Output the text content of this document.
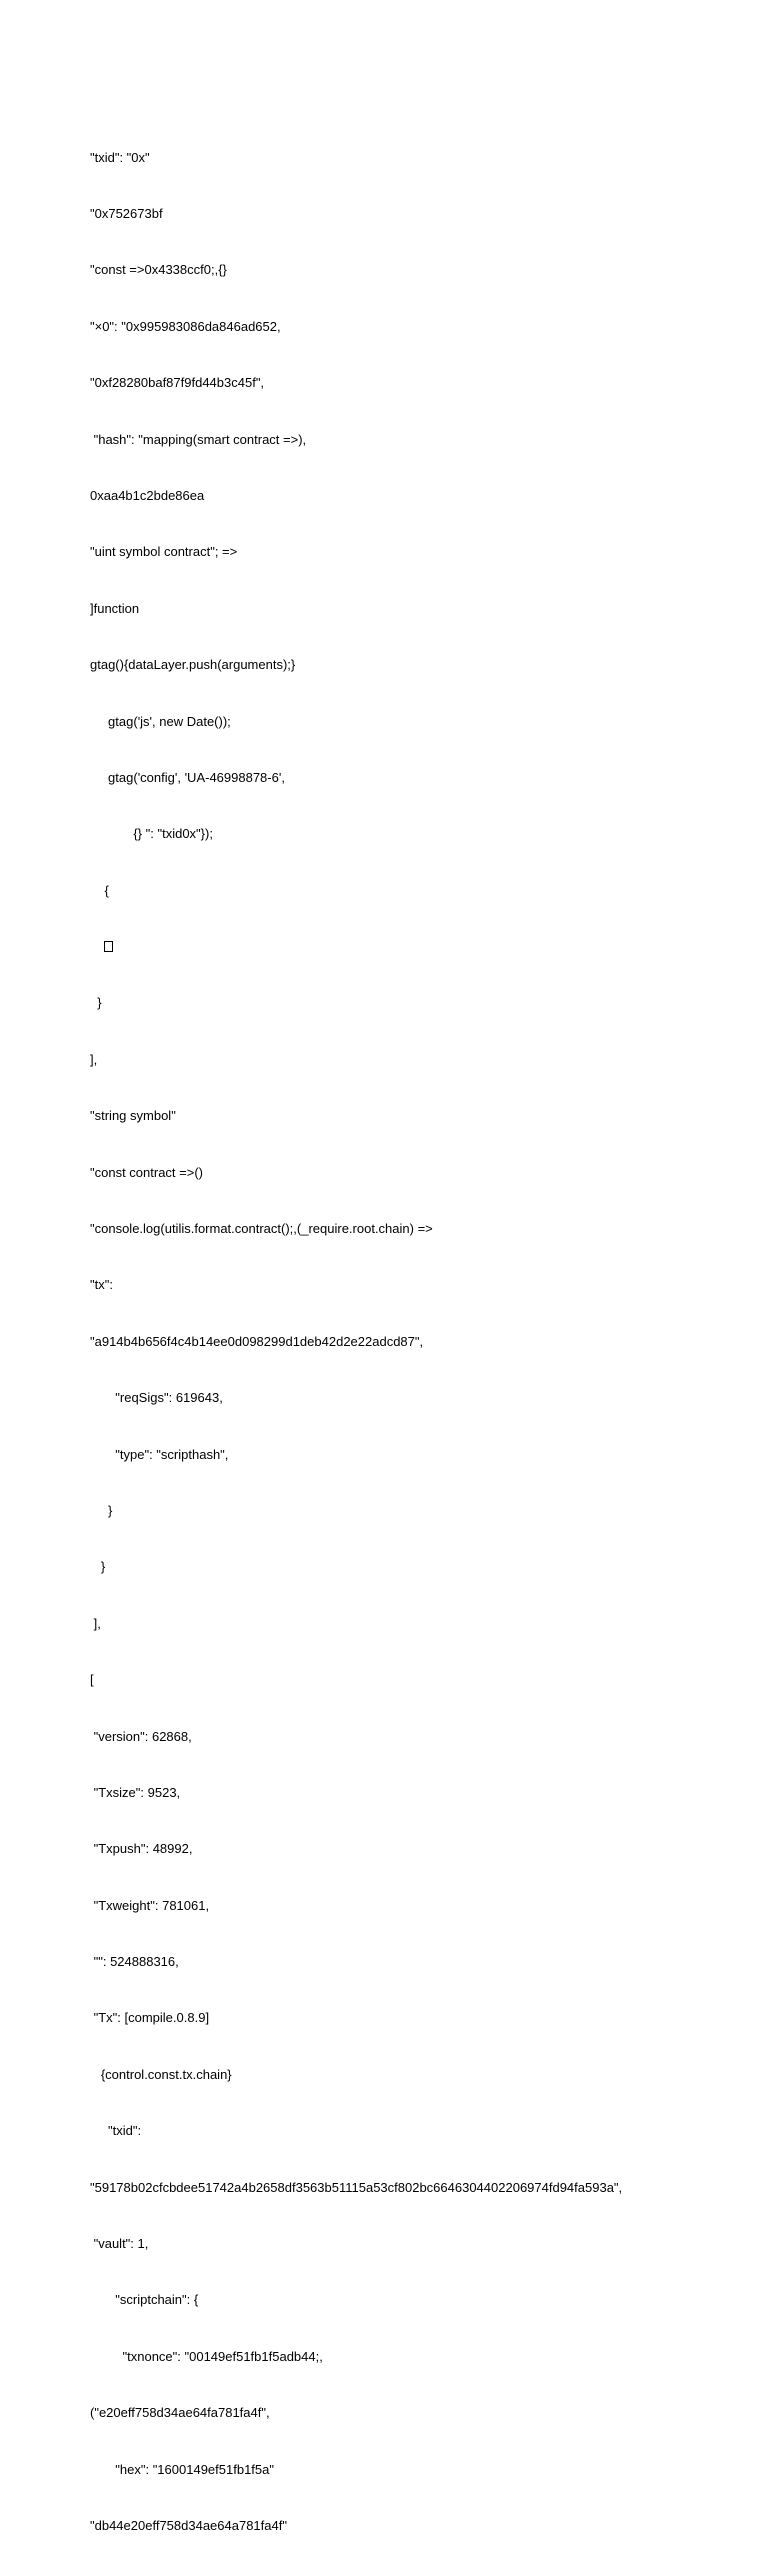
"txid": "0x"

"0x752673bf

"const =>0x4338ccf0;,{}

"×0": "0x995983086da846ad652,

"0xf28280baf87f9fd44b3c45f",

"hash": "mapping(smart contract =>),

0xaa4b1c2bde86ea

"uint symbol contract"; =>

]function

gtag(){dataLayer.push(arguments);}

gtag('js', new Date());

gtag('config', 'UA-46998878-6',

{} ": "txid0x"});

{

}

],

"string symbol"

"const contract =>()

"console.log(utilis.format.contract();,(_require.root.chain) =>

"tx":

"a914b4b656f4c4b14ee0d098299d1deb42d2e22adcd87",

"reqSigs": 619643,

"type": "scripthash",

}

}

],

[

"version": 62868,

"Txsize": 9523,

"Txpush": 48992,

"Txweight": 781061,

"": 524888316,

"Tx": [compile.0.8.9]

{control.const.tx.chain}

"txid":

"59178b02cfcbdee51742a4b2658df3563b51115a53cf802bc6646304402206974fd94fa593a",

"vault": 1,

"scriptchain": {

"txnonce": "00149ef51fb1f5adb44;,

("e20eff758d34ae64fa781fa4f",

"hex": "1600149ef51fb1f5a"

"db44e20eff758d34ae64a781fa4f"
